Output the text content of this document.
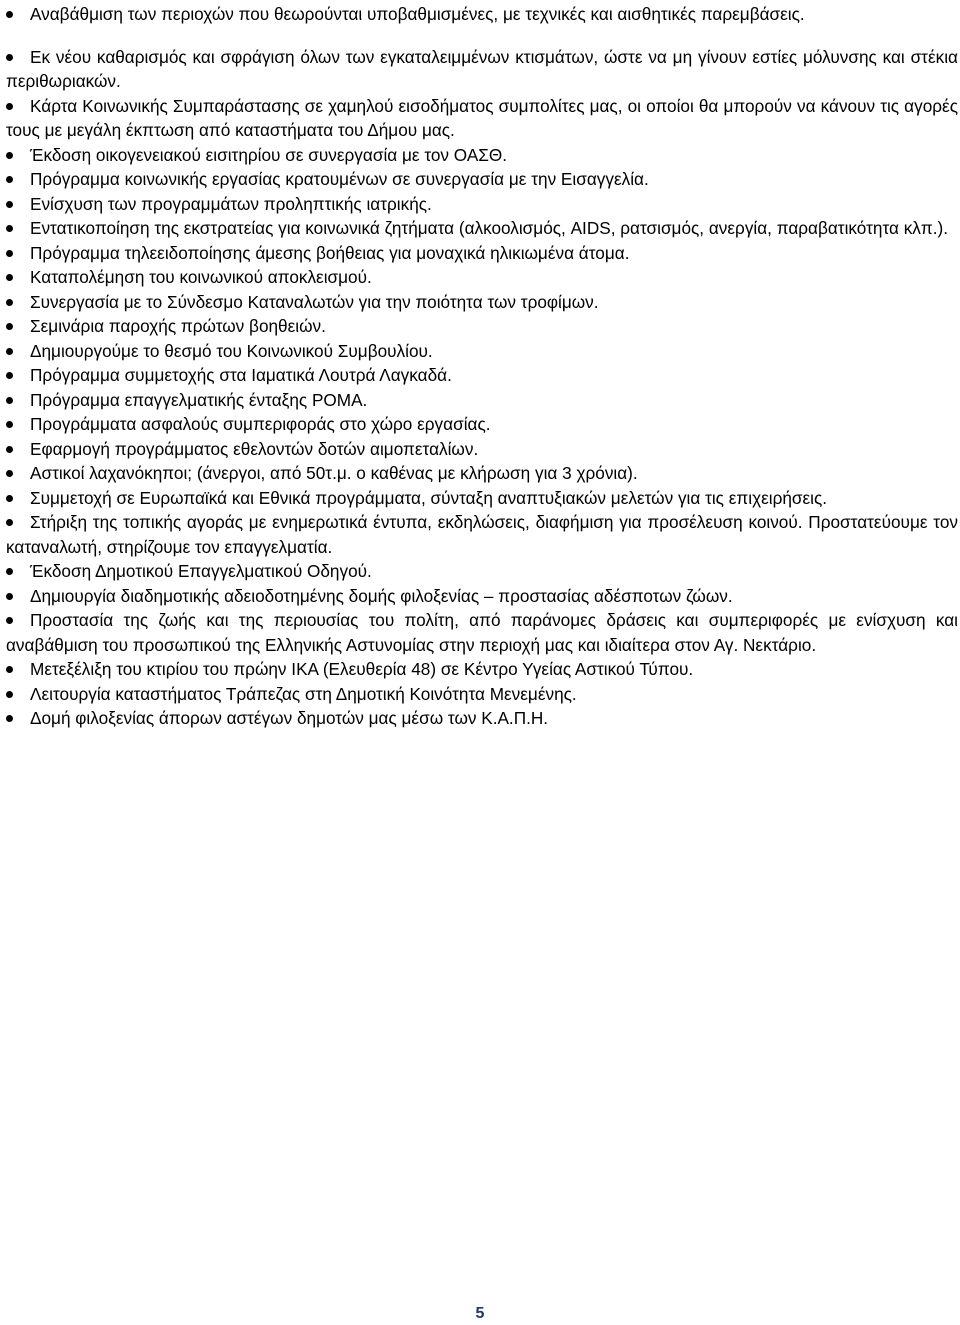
Αναβάθμιση των περιοχών που θεωρούνται υποβαθμισμένες, με τεχνικές και αισθητικές παρεμβάσεις.
Εκ νέου καθαρισμός και σφράγιση όλων των εγκαταλειμμένων κτισμάτων, ώστε να μη γίνουν εστίες μόλυνσης και στέκια περιθωριακών.
Κάρτα Κοινωνικής Συμπαράστασης σε χαμηλού εισοδήματος συμπολίτες μας, οι οποίοι θα μπορούν να κάνουν τις αγορές τους με μεγάλη έκπτωση από καταστήματα του Δήμου μας.
Έκδοση οικογενειακού εισιτηρίου σε συνεργασία με τον ΟΑΣΘ.
Πρόγραμμα κοινωνικής εργασίας κρατουμένων σε συνεργασία με την Εισαγγελία.
Ενίσχυση των προγραμμάτων προληπτικής ιατρικής.
Εντατικοποίηση της εκστρατείας για κοινωνικά ζητήματα (αλκοολισμός, AIDS, ρατσισμός, ανεργία, παραβατικότητα κλπ.).
Πρόγραμμα τηλεειδοποίησης άμεσης βοήθειας για μοναχικά ηλικιωμένα άτομα.
Καταπολέμηση του κοινωνικού αποκλεισμού.
Συνεργασία με το Σύνδεσμο Καταναλωτών για την ποιότητα των τροφίμων.
Σεμινάρια παροχής πρώτων βοηθειών.
Δημιουργούμε το θεσμό του Κοινωνικού Συμβουλίου.
Πρόγραμμα συμμετοχής στα Ιαματικά Λουτρά Λαγκαδά.
Πρόγραμμα επαγγελματικής ένταξης ΡΟΜΑ.
Προγράμματα ασφαλούς συμπεριφοράς στο χώρο εργασίας.
Εφαρμογή προγράμματος εθελοντών δοτών αιμοπεταλίων.
Αστικοί λαχανόκηποι; (άνεργοι, από 50τ.μ. ο καθένας με κλήρωση για 3 χρόνια).
Συμμετοχή σε Ευρωπαϊκά και Εθνικά προγράμματα, σύνταξη αναπτυξιακών μελετών για τις επιχειρήσεις.
Στήριξη της τοπικής αγοράς με ενημερωτικά έντυπα, εκδηλώσεις, διαφήμιση για προσέλευση κοινού. Προστατεύουμε τον καταναλωτή, στηρίζουμε τον επαγγελματία.
Έκδοση Δημοτικού Επαγγελματικού Οδηγού.
Δημιουργία διαδημοτικής αδειοδοτημένης δομής φιλοξενίας – προστασίας αδέσποτων ζώων.
Προστασία της ζωής και της περιουσίας του πολίτη, από παράνομες δράσεις και συμπεριφορές με ενίσχυση και αναβάθμιση του προσωπικού της Ελληνικής Αστυνομίας στην περιοχή μας και ιδιαίτερα στον Αγ. Νεκτάριο.
Μετεξέλιξη του κτιρίου του πρώην ΙΚΑ (Ελευθερία 48) σε Κέντρο Υγείας Αστικού Τύπου.
Λειτουργία καταστήματος Τράπεζας στη Δημοτική Κοινότητα Μενεμένης.
Δομή φιλοξενίας άπορων αστέγων δημοτών μας μέσω των Κ.Α.Π.Η.
5
